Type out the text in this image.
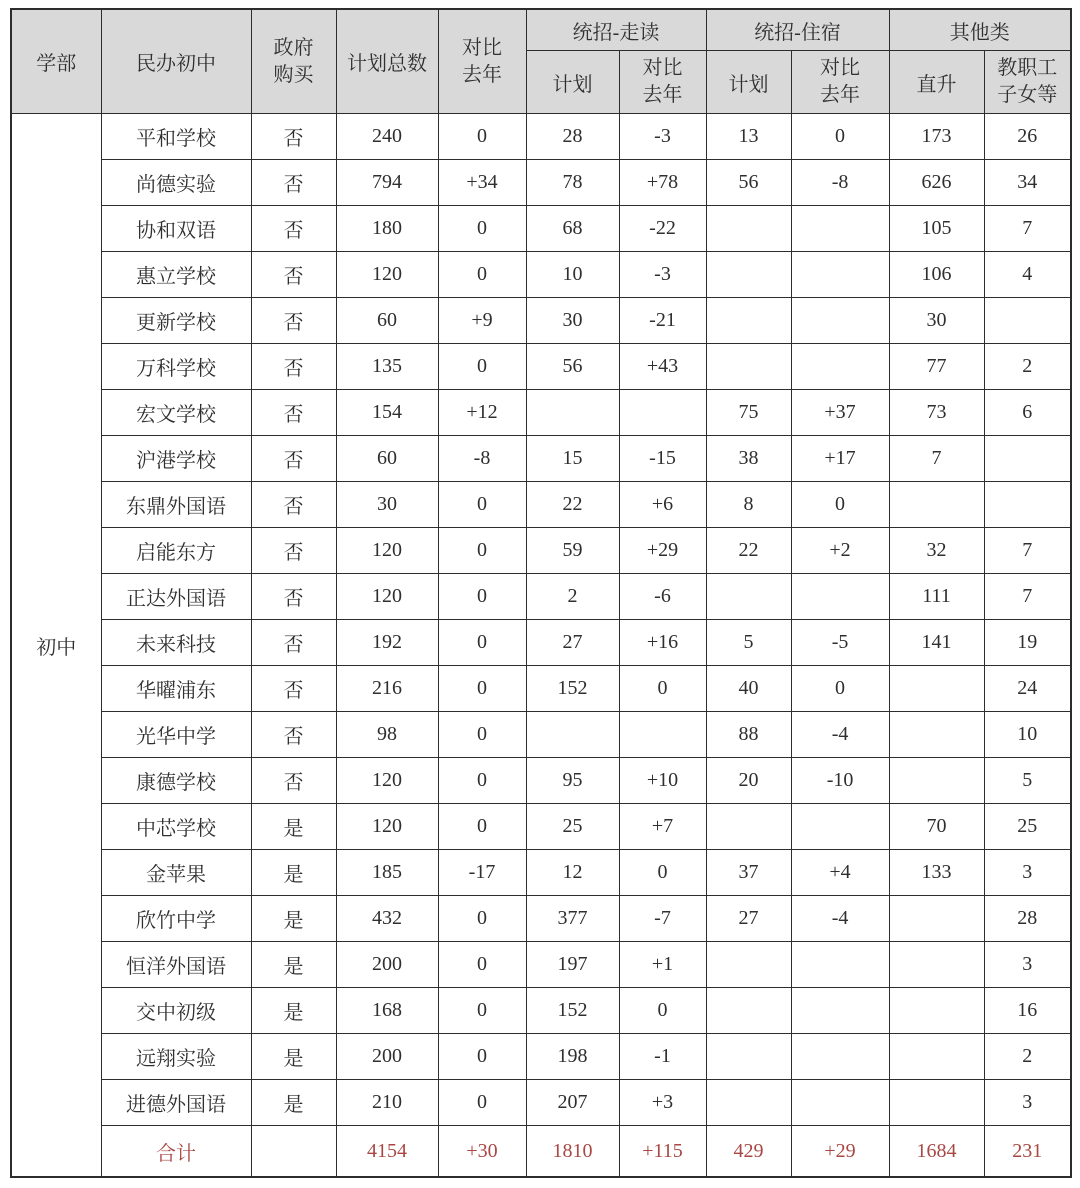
学部	民办初中	政府购买	计划总数	对比去年	统招-走读		统招-住宿		其他类	
					计划	对比去年	计划	对比去年	直升	教职工子女等
初中	平和学校	否	240	0	28	-3	13	0	173	26
	尚德实验	否	794	+34	78	+78	56	-8	626	34
	协和双语	否	180	0	68	-22			105	7
	惠立学校	否	120	0	10	-3			106	4
	更新学校	否	60	+9	30	-21			30	
	万科学校	否	135	0	56	+43			77	2
	宏文学校	否	154	+12			75	+37	73	6
	沪港学校	否	60	-8	15	-15	38	+17	7	
	东鼎外国语	否	30	0	22	+6	8	0		
	启能东方	否	120	0	59	+29	22	+2	32	7
	正达外国语	否	120	0	2	-6			111	7
	未来科技	否	192	0	27	+16	5	-5	141	19
	华曜浦东	否	216	0	152	0	40	0		24
	光华中学	否	98	0			88	-4		10
	康德学校	否	120	0	95	+10	20	-10		5
	中芯学校	是	120	0	25	+7			70	25
	金苹果	是	185	-17	12	0	37	+4	133	3
	欣竹中学	是	432	0	377	-7	27	-4		28
	恒洋外国语	是	200	0	197	+1				3
	交中初级	是	168	0	152	0				16
	远翔实验	是	200	0	198	-1				2
	进德外国语	是	210	0	207	+3				3
	合计		4154	+30	1810	+115	429	+29	1684	231
